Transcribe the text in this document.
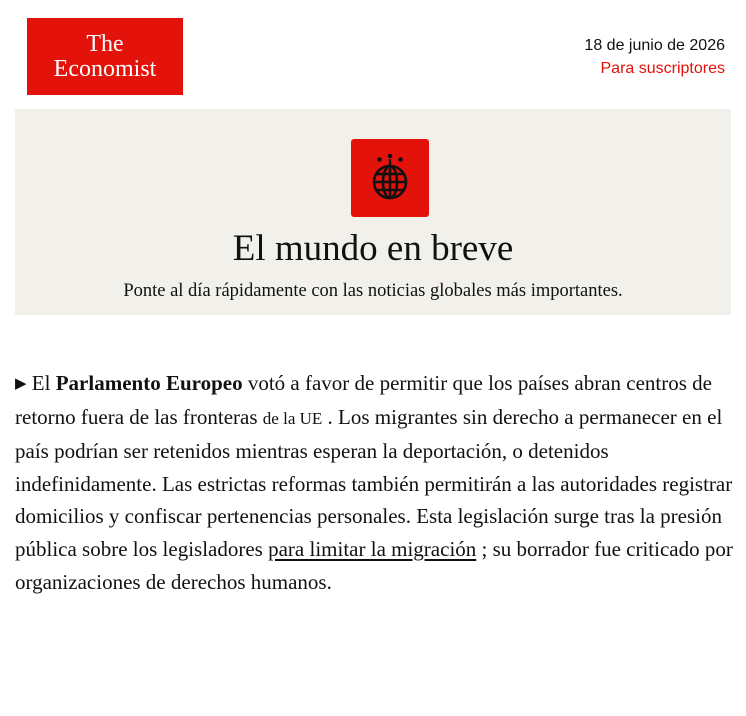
The
Economist
18 de junio de 2026
Para suscriptores
El mundo en breve
Ponte al día rápidamente con las noticias globales más importantes.
▶ El Parlamento Europeo votó a favor de permitir que los países abran centros de retorno fuera de las fronteras de la UE . Los migrantes sin derecho a permanecer en el país podrían ser retenidos mientras esperan la deportación, o detenidos indefinidamente. Las estrictas reformas también permitirán a las autoridades registrar domicilios y confiscar pertenencias personales. Esta legislación surge tras la presión pública sobre los legisladores para limitar la migración ; su borrador fue criticado por organizaciones de derechos humanos.
